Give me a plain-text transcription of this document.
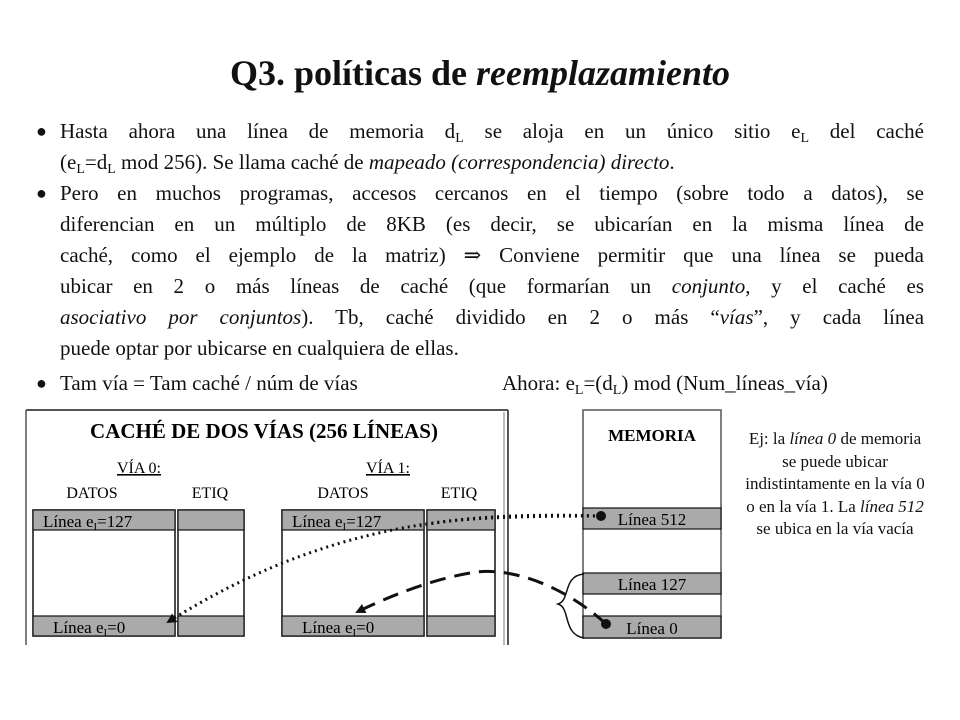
Q3. políticas de reemplazamiento
● Hasta ahora una línea de memoria $d_L$ se aloja en un único sitio $e_L$ del caché
($e_L=d_L$ mod 256). Se llama caché de mapeado (correspondencia) directo.
● Pero en muchos programas, accesos cercanos en el tiempo (sobre todo a datos), se
diferencian en un múltiplo de 8KB (es decir, se ubicarían en la misma línea de
caché, como el ejemplo de la matriz) ⇒ Conviene permitir que una línea se pueda
ubicar en 2 o más líneas de caché (que formarían un conjunto, y el caché es
asociativo por conjuntos). Tb, caché dividido en 2 o más “vías”, y cada línea
puede optar por ubicarse en cualquiera de ellas.
● Tam vía = Tam caché / núm de vías	Ahora: $e_L=(d_L)$ mod (Num_líneas_vía)
CACHÉ DE DOS VÍAS (256 LÍNEAS)
VÍA 0:
DATOS	ETIQ
Línea eI=127
Línea eI=0
VÍA 1:
DATOS	ETIQ
Línea eI=127
Línea eI=0
MEMORIA
Línea 512
Línea 127
Línea 0
Ej: la línea 0 de memoria se puede ubicar indistintamente en la vía 0 o en la vía 1. La línea 512 se ubica en la vía vacía
